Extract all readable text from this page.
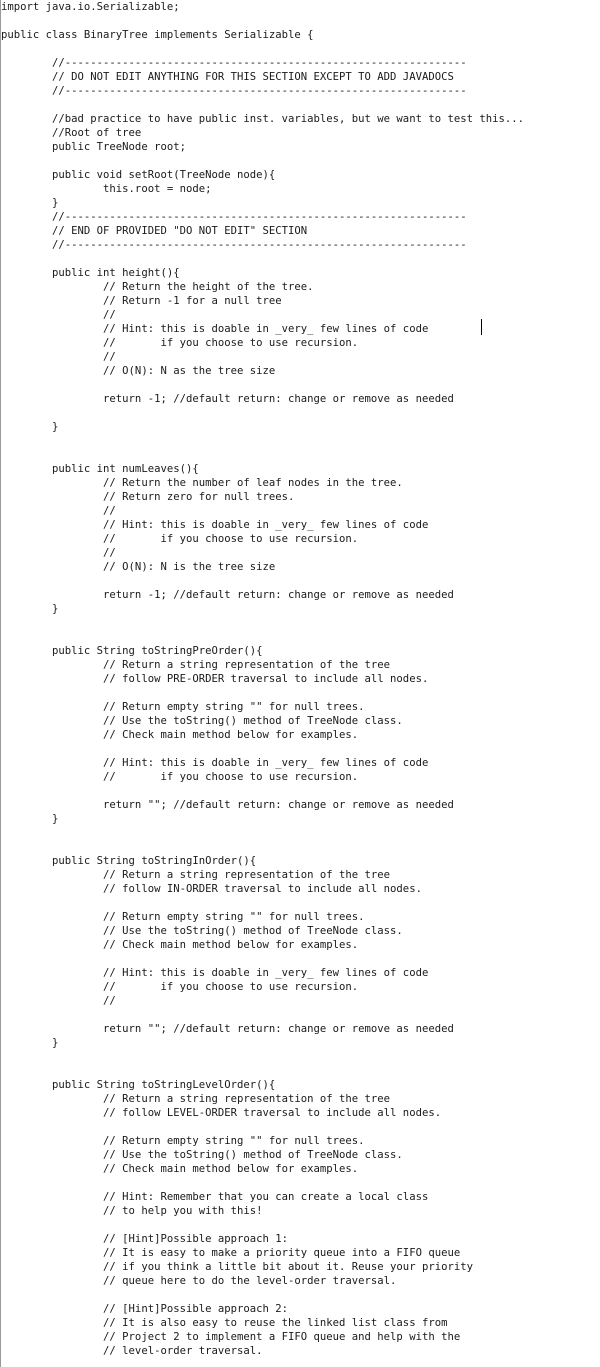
import java.io.Serializable;
public class BinaryTree implements Serializable {
//---------------------------------------------------------------
// DO NOT EDIT ANYTHING FOR THIS SECTION EXCEPT TO ADD JAVADOCS
//---------------------------------------------------------------
//bad practice to have public inst. variables, but we want to test this...
//Root of tree
public TreeNode root;
public void setRoot(TreeNode node){
this.root = node;
}
//---------------------------------------------------------------
// END OF PROVIDED "DO NOT EDIT" SECTION
//---------------------------------------------------------------
public int height(){
// Return the height of the tree.
// Return -1 for a null tree
//
// Hint: this is doable in _very_ few lines of code
//       if you choose to use recursion.
//
// O(N): N as the tree size
return -1; //default return: change or remove as needed
}
public int numLeaves(){
// Return the number of leaf nodes in the tree.
// Return zero for null trees.
//
// Hint: this is doable in _very_ few lines of code
//       if you choose to use recursion.
//
// O(N): N is the tree size
return -1; //default return: change or remove as needed
}
public String toStringPreOrder(){
// Return a string representation of the tree
// follow PRE-ORDER traversal to include all nodes.
// Return empty string "" for null trees.
// Use the toString() method of TreeNode class.
// Check main method below for examples.
// Hint: this is doable in _very_ few lines of code
//       if you choose to use recursion.
return ""; //default return: change or remove as needed
}
public String toStringInOrder(){
// Return a string representation of the tree
// follow IN-ORDER traversal to include all nodes.
// Return empty string "" for null trees.
// Use the toString() method of TreeNode class.
// Check main method below for examples.
// Hint: this is doable in _very_ few lines of code
//       if you choose to use recursion.
//
return ""; //default return: change or remove as needed
}
public String toStringLevelOrder(){
// Return a string representation of the tree
// follow LEVEL-ORDER traversal to include all nodes.
// Return empty string "" for null trees.
// Use the toString() method of TreeNode class.
// Check main method below for examples.
// Hint: Remember that you can create a local class
// to help you with this!
// [Hint]Possible approach 1:
// It is easy to make a priority queue into a FIFO queue
// if you think a little bit about it. Reuse your priority
// queue here to do the level-order traversal.
// [Hint]Possible approach 2:
// It is also easy to reuse the linked list class from
// Project 2 to implement a FIFO queue and help with the
// level-order traversal.
